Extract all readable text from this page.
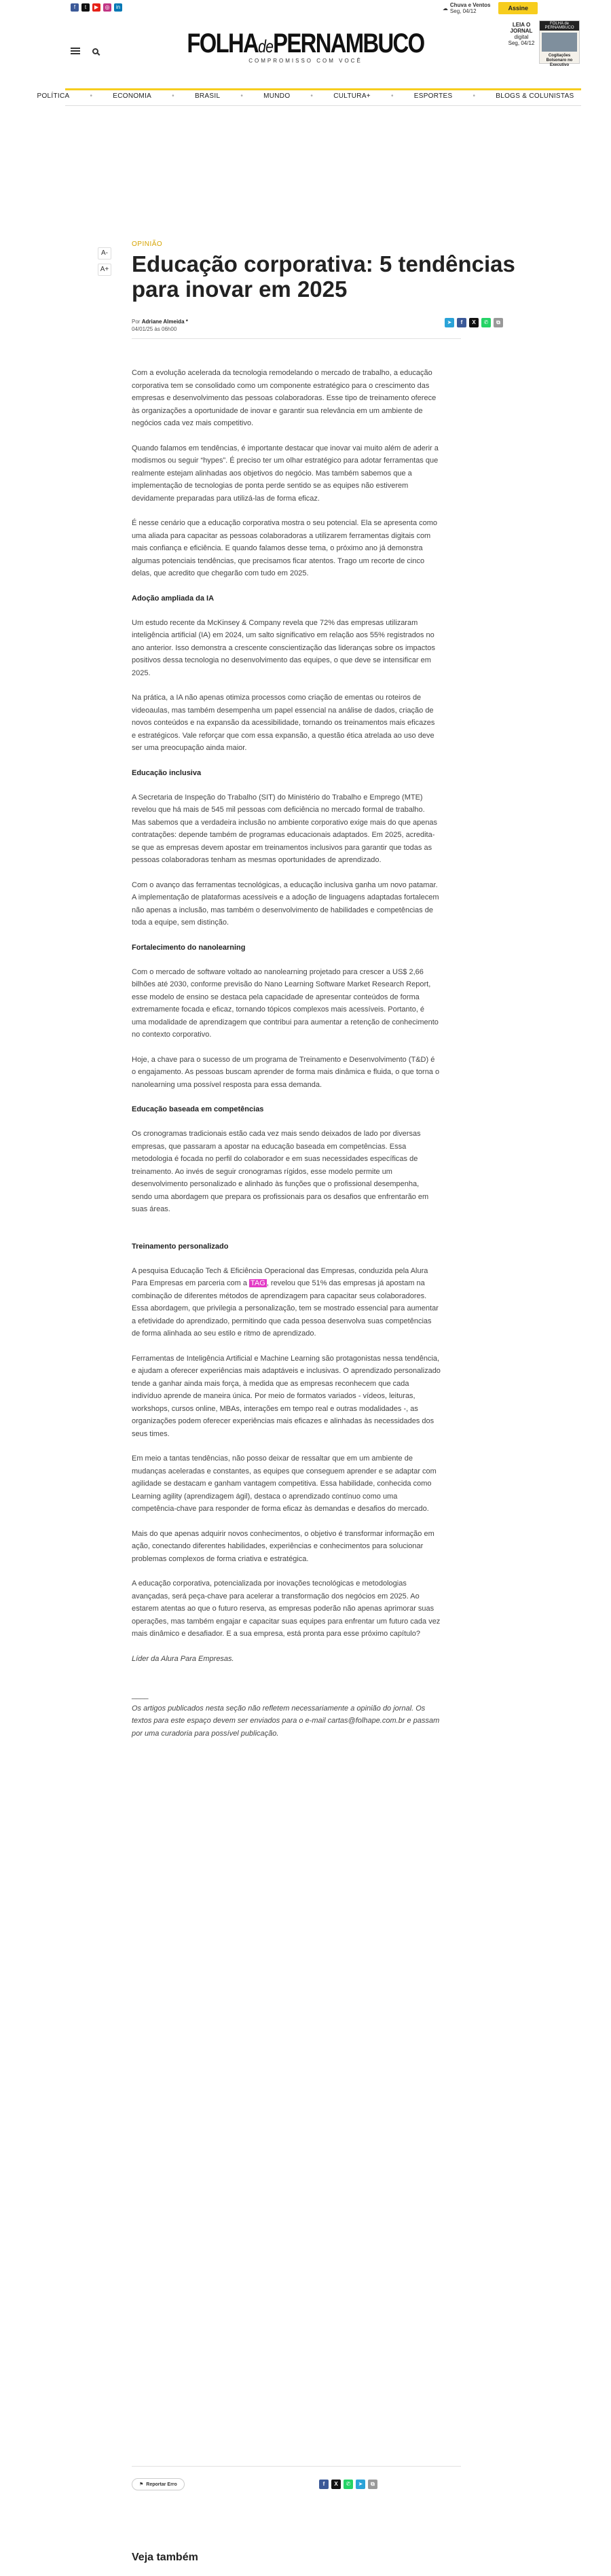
f	t	▶	◎	in	☁ Chuva e Ventos
Seg, 04/12	Assine
FOLHAdePERNAMBUCO
COMPROMISSO COM VOCÊ
LEIA O
JORNAL
digital
Seg, 04/12
FOLHA de PERNAMBUCO
Cogitações Bolsonaro no Executivo
POLÍTICA	•	ECONOMIA	•	BRASIL	•	MUNDO	•	CULTURA+	•	ESPORTES	•	BLOGS & COLUNISTAS
A-
A+
OPINIÃO
Educação corporativa: 5 tendências para inovar em 2025
Por Adriane Almeida *
04/01/25 às 06h00
➤	f	X	✆	⧉

Com a evolução acelerada da tecnologia remodelando o mercado de trabalho, a educação corporativa tem se consolidado como um componente estratégico para o crescimento das empresas e desenvolvimento das pessoas colaboradoras. Esse tipo de treinamento oferece às organizações a oportunidade de inovar e garantir sua relevância em um ambiente de negócios cada vez mais competitivo.

Quando falamos em tendências, é importante destacar que inovar vai muito além de aderir a modismos ou seguir “hypes”. É preciso ter um olhar estratégico para adotar ferramentas que realmente estejam alinhadas aos objetivos do negócio. Mas também sabemos que a implementação de tecnologias de ponta perde sentido se as equipes não estiverem devidamente preparadas para utilizá-las de forma eficaz.

É nesse cenário que a educação corporativa mostra o seu potencial. Ela se apresenta como uma aliada para capacitar as pessoas colaboradoras a utilizarem ferramentas digitais com mais confiança e eficiência. E quando falamos desse tema, o próximo ano já demonstra algumas potenciais tendências, que precisamos ficar atentos. Trago um recorte de cinco delas, que acredito que chegarão com tudo em 2025.

Adoção ampliada da IA

Um estudo recente da McKinsey & Company revela que 72% das empresas utilizaram inteligência artificial (IA) em 2024, um salto significativo em relação aos 55% registrados no ano anterior. Isso demonstra a crescente conscientização das lideranças sobre os impactos positivos dessa tecnologia no desenvolvimento das equipes, o que deve se intensificar em 2025.

Na prática, a IA não apenas otimiza processos como criação de ementas ou roteiros de videoaulas, mas também desempenha um papel essencial na análise de dados, criação de novos conteúdos e na expansão da acessibilidade, tornando os treinamentos mais eficazes e estratégicos. Vale reforçar que com essa expansão, a questão ética atrelada ao uso deve ser uma preocupação ainda maior.

Educação inclusiva

A Secretaria de Inspeção do Trabalho (SIT) do Ministério do Trabalho e Emprego (MTE) revelou que há mais de 545 mil pessoas com deficiência no mercado formal de trabalho. Mas sabemos que a verdadeira inclusão no ambiente corporativo exige mais do que apenas contratações: depende também de programas educacionais adaptados. Em 2025, acredita-se que as empresas devem apostar em treinamentos inclusivos para garantir que todas as pessoas colaboradoras tenham as mesmas oportunidades de aprendizado.

Com o avanço das ferramentas tecnológicas, a educação inclusiva ganha um novo patamar. A implementação de plataformas acessíveis e a adoção de linguagens adaptadas fortalecem não apenas a inclusão, mas também o desenvolvimento de habilidades e competências de toda a equipe, sem distinção.

Fortalecimento do nanolearning

Com o mercado de software voltado ao nanolearning projetado para crescer a US$ 2,66 bilhões até 2030, conforme previsão do Nano Learning Software Market Research Report, esse modelo de ensino se destaca pela capacidade de apresentar conteúdos de forma extremamente focada e eficaz, tornando tópicos complexos mais acessíveis. Portanto, é uma modalidade de aprendizagem que contribui para aumentar a retenção de conhecimento no contexto corporativo.

Hoje, a chave para o sucesso de um programa de Treinamento e Desenvolvimento (T&D) é o engajamento. As pessoas buscam aprender de forma mais dinâmica e fluida, o que torna o nanolearning uma possível resposta para essa demanda.

Educação baseada em competências

Os cronogramas tradicionais estão cada vez mais sendo deixados de lado por diversas empresas, que passaram a apostar na educação baseada em competências. Essa metodologia é focada no perfil do colaborador e em suas necessidades específicas de treinamento. Ao invés de seguir cronogramas rígidos, esse modelo permite um desenvolvimento personalizado e alinhado às funções que o profissional desempenha, sendo uma abordagem que prepara os profissionais para os desafios que enfrentarão em suas áreas.

Treinamento personalizado

A pesquisa Educação Tech & Eficiência Operacional das Empresas, conduzida pela Alura Para Empresas em parceria com a TAG , revelou que 51% das empresas já apostam na combinação de diferentes métodos de aprendizagem para capacitar seus colaboradores. Essa abordagem, que privilegia a personalização, tem se mostrado essencial para aumentar a efetividade do aprendizado, permitindo que cada pessoa desenvolva suas competências de forma alinhada ao seu estilo e ritmo de aprendizado.

Ferramentas de Inteligência Artificial e Machine Learning são protagonistas nessa tendência, e ajudam a oferecer experiências mais adaptáveis e inclusivas. O aprendizado personalizado tende a ganhar ainda mais força, à medida que as empresas reconhecem que cada indivíduo aprende de maneira única. Por meio de formatos variados - vídeos, leituras, workshops, cursos online, MBAs, interações em tempo real e outras modalidades -, as organizações podem oferecer experiências mais eficazes e alinhadas às necessidades dos seus times.

Em meio a tantas tendências, não posso deixar de ressaltar que em um ambiente de mudanças aceleradas e constantes, as equipes que conseguem aprender e se adaptar com agilidade se destacam e ganham vantagem competitiva. Essa habilidade, conhecida como Learning agility (aprendizagem ágil), destaca o aprendizado contínuo como uma competência-chave para responder de forma eficaz às demandas e desafios do mercado.

Mais do que apenas adquirir novos conhecimentos, o objetivo é transformar informação em ação, conectando diferentes habilidades, experiências e conhecimentos para solucionar problemas complexos de forma criativa e estratégica.

A educação corporativa, potencializada por inovações tecnológicas e metodologias avançadas, será peça-chave para acelerar a transformação dos negócios em 2025. Ao estarem atentas ao que o futuro reserva, as empresas poderão não apenas aprimorar suas operações, mas também engajar e capacitar suas equipes para enfrentar um futuro cada vez mais dinâmico e desafiador. E a sua empresa, está pronta para esse próximo capítulo?

Líder da Alura Para Empresas.

____

Os artigos publicados nesta seção não refletem necessariamente a opinião do jornal. Os textos para este espaço devem ser enviados para o e-mail cartas@folhape.com.br e passam por uma curadoria para possível publicação.

⚑ Reportar Erro	f	X	✆	➤	⧉
Veja também
